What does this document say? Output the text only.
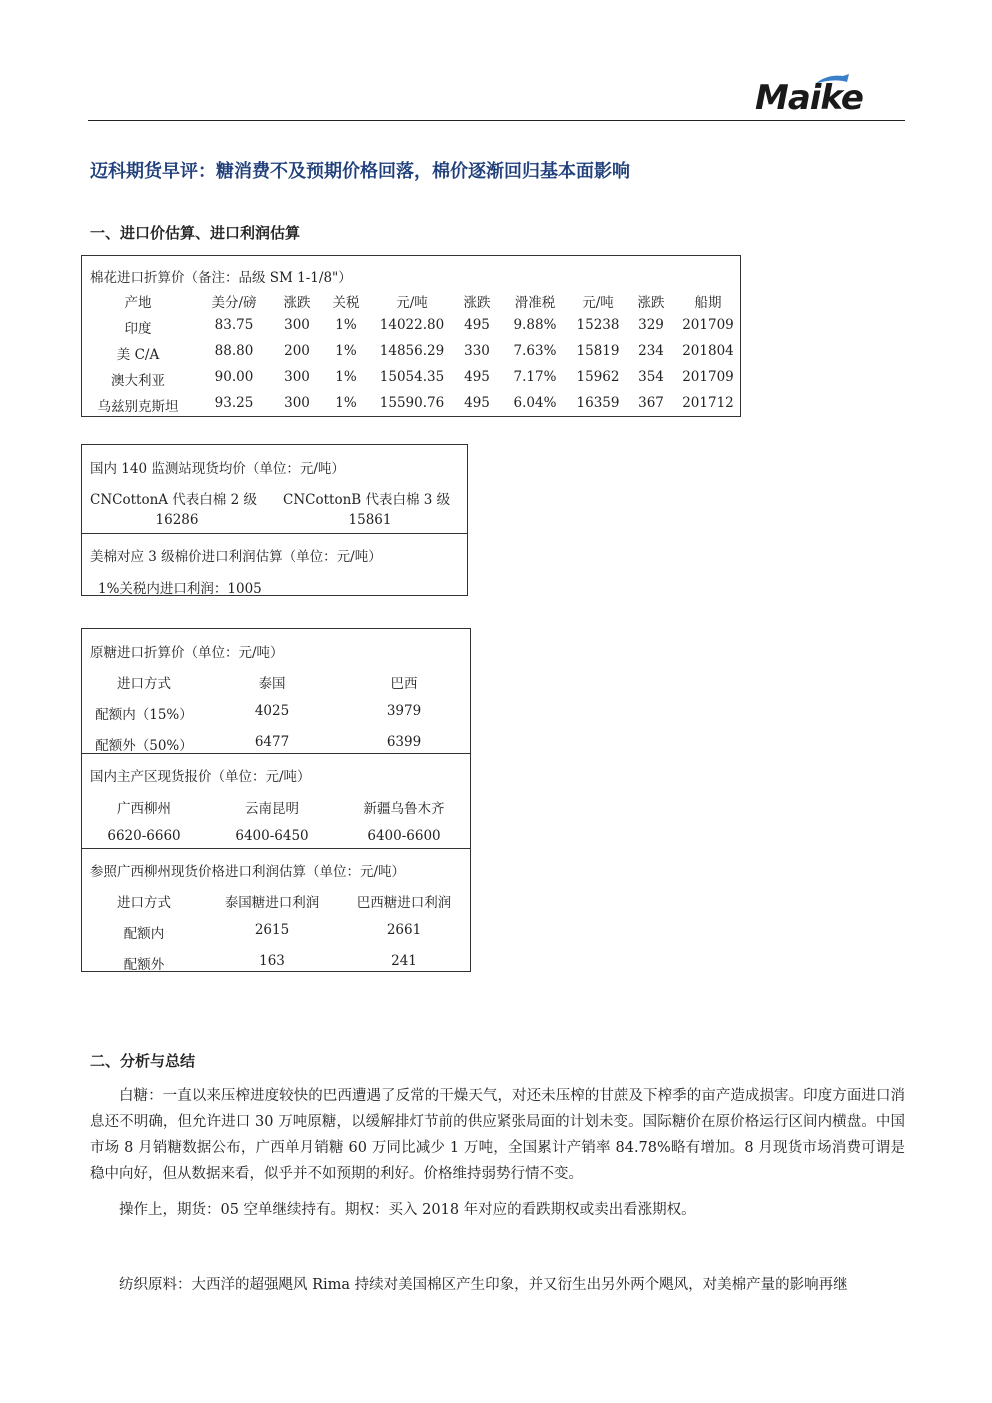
Maike
迈科期货早评：糖消费不及预期价格回落，棉价逐渐回归基本面影响
一、进口价估算、进口利润估算
棉花进口折算价（备注：品级 SM 1-1/8"）
产地	美分/磅	涨跌	关税	元/吨	涨跌	滑准税	元/吨	涨跌	船期
印度	83.75	300	1%	14022.80	495	9.88%	15238	329	201709
美 C/A	88.80	200	1%	14856.29	330	7.63%	15819	234	201804
澳大利亚	90.00	300	1%	15054.35	495	7.17%	15962	354	201709
乌兹别克斯坦	93.25	300	1%	15590.76	495	6.04%	16359	367	201712
国内 140 监测站现货均价（单位：元/吨）
CNCottonA 代表白棉 2 级 CNCottonB 代表白棉 3 级
16286	15861
美棉对应 3 级棉价进口利润估算（单位：元/吨）
1%关税内进口利润：1005
原糖进口折算价（单位：元/吨）
进口方式	泰国	巴西
配额内（15%）	4025	3979
配额外（50%）	6477	6399
国内主产区现货报价（单位：元/吨）
广西柳州	云南昆明	新疆乌鲁木齐
6620-6660	6400-6450	6400-6600
参照广西柳州现货价格进口利润估算（单位：元/吨）
进口方式	泰国糖进口利润	巴西糖进口利润
配额内	2615	2661
配额外	163	241
二、分析与总结

白糖：一直以来压榨进度较快的巴西遭遇了反常的干燥天气，对还未压榨的甘蔗及下榨季的亩产造成损害。印度方面进口消息还不明确，但允许进口 30 万吨原糖，以缓解排灯节前的供应紧张局面的计划未变。国际糖价在原价格运行区间内横盘。中国市场 8 月销糖数据公布，广西单月销糖 60 万同比减少 1 万吨，全国累计产销率 84.78%略有增加。8 月现货市场消费可谓是稳中向好，但从数据来看，似乎并不如预期的利好。价格维持弱势行情不变。

操作上，期货：05 空单继续持有。期权：买入 2018 年对应的看跌期权或卖出看涨期权。

纺织原料：大西洋的超强飓风 Rima 持续对美国棉区产生印象，并又衍生出另外两个飓风，对美棉产量的影响再继
